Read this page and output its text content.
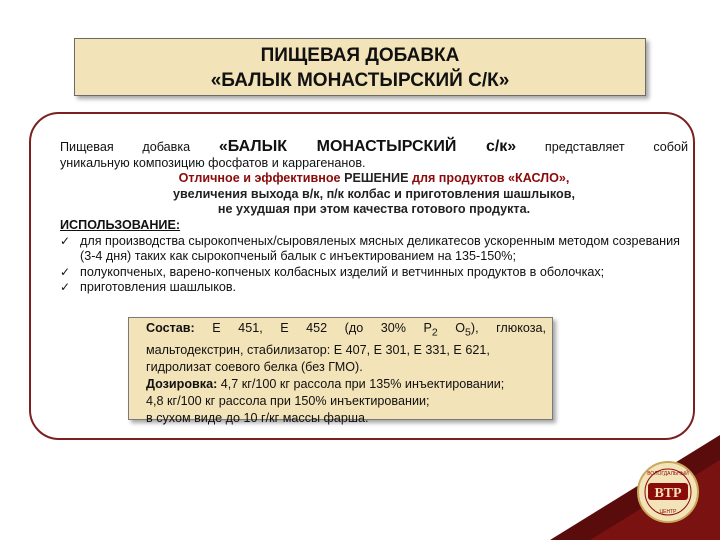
ПИЩЕВАЯ ДОБАВКА
«БАЛЫК МОНАСТЫРСКИЙ С/К»
Пищевая добавка «БАЛЫК МОНАСТЫРСКИЙ с/к» представляет собой
уникальную композицию фосфатов и каррагенанов.

Отличное и эффективное РЕШЕНИЕ для продуктов «КАСЛО»,

увеличения выхода в/к, п/к колбас и приготовления шашлыков,

не ухудшая при этом качества готового продукта.

ИСПОЛЬЗОВАНИЕ:
✓ для производства сырокопченых/сыровяленых мясных деликатесов ускоренным методом созревания (3-4 дня) таких как сырокопченый балык с инъектированием на 135-150%;
✓ полукопченых, варено-копченых колбасных изделий и ветчинных продуктов в оболочках;
✓ приготовления шашлыков.
Состав: Е 451, Е 452 (до 30% $P_2$ $O_5$), глюкоза,
мальтодекстрин, стабилизатор: Е 407, Е 301, Е 331, Е 621,
гидролизат соевого белка (без ГМО).
Дозировка: 4,7 кг/100 кг рассола при 135% инъектировании;
4,8 кг/100 кг рассола при 150% инъектировании;
в сухом виде до 10 г/кг массы фарша.
ВТР
ВОЛОГДАЛЬНЫЙ
ЦЕНТР
